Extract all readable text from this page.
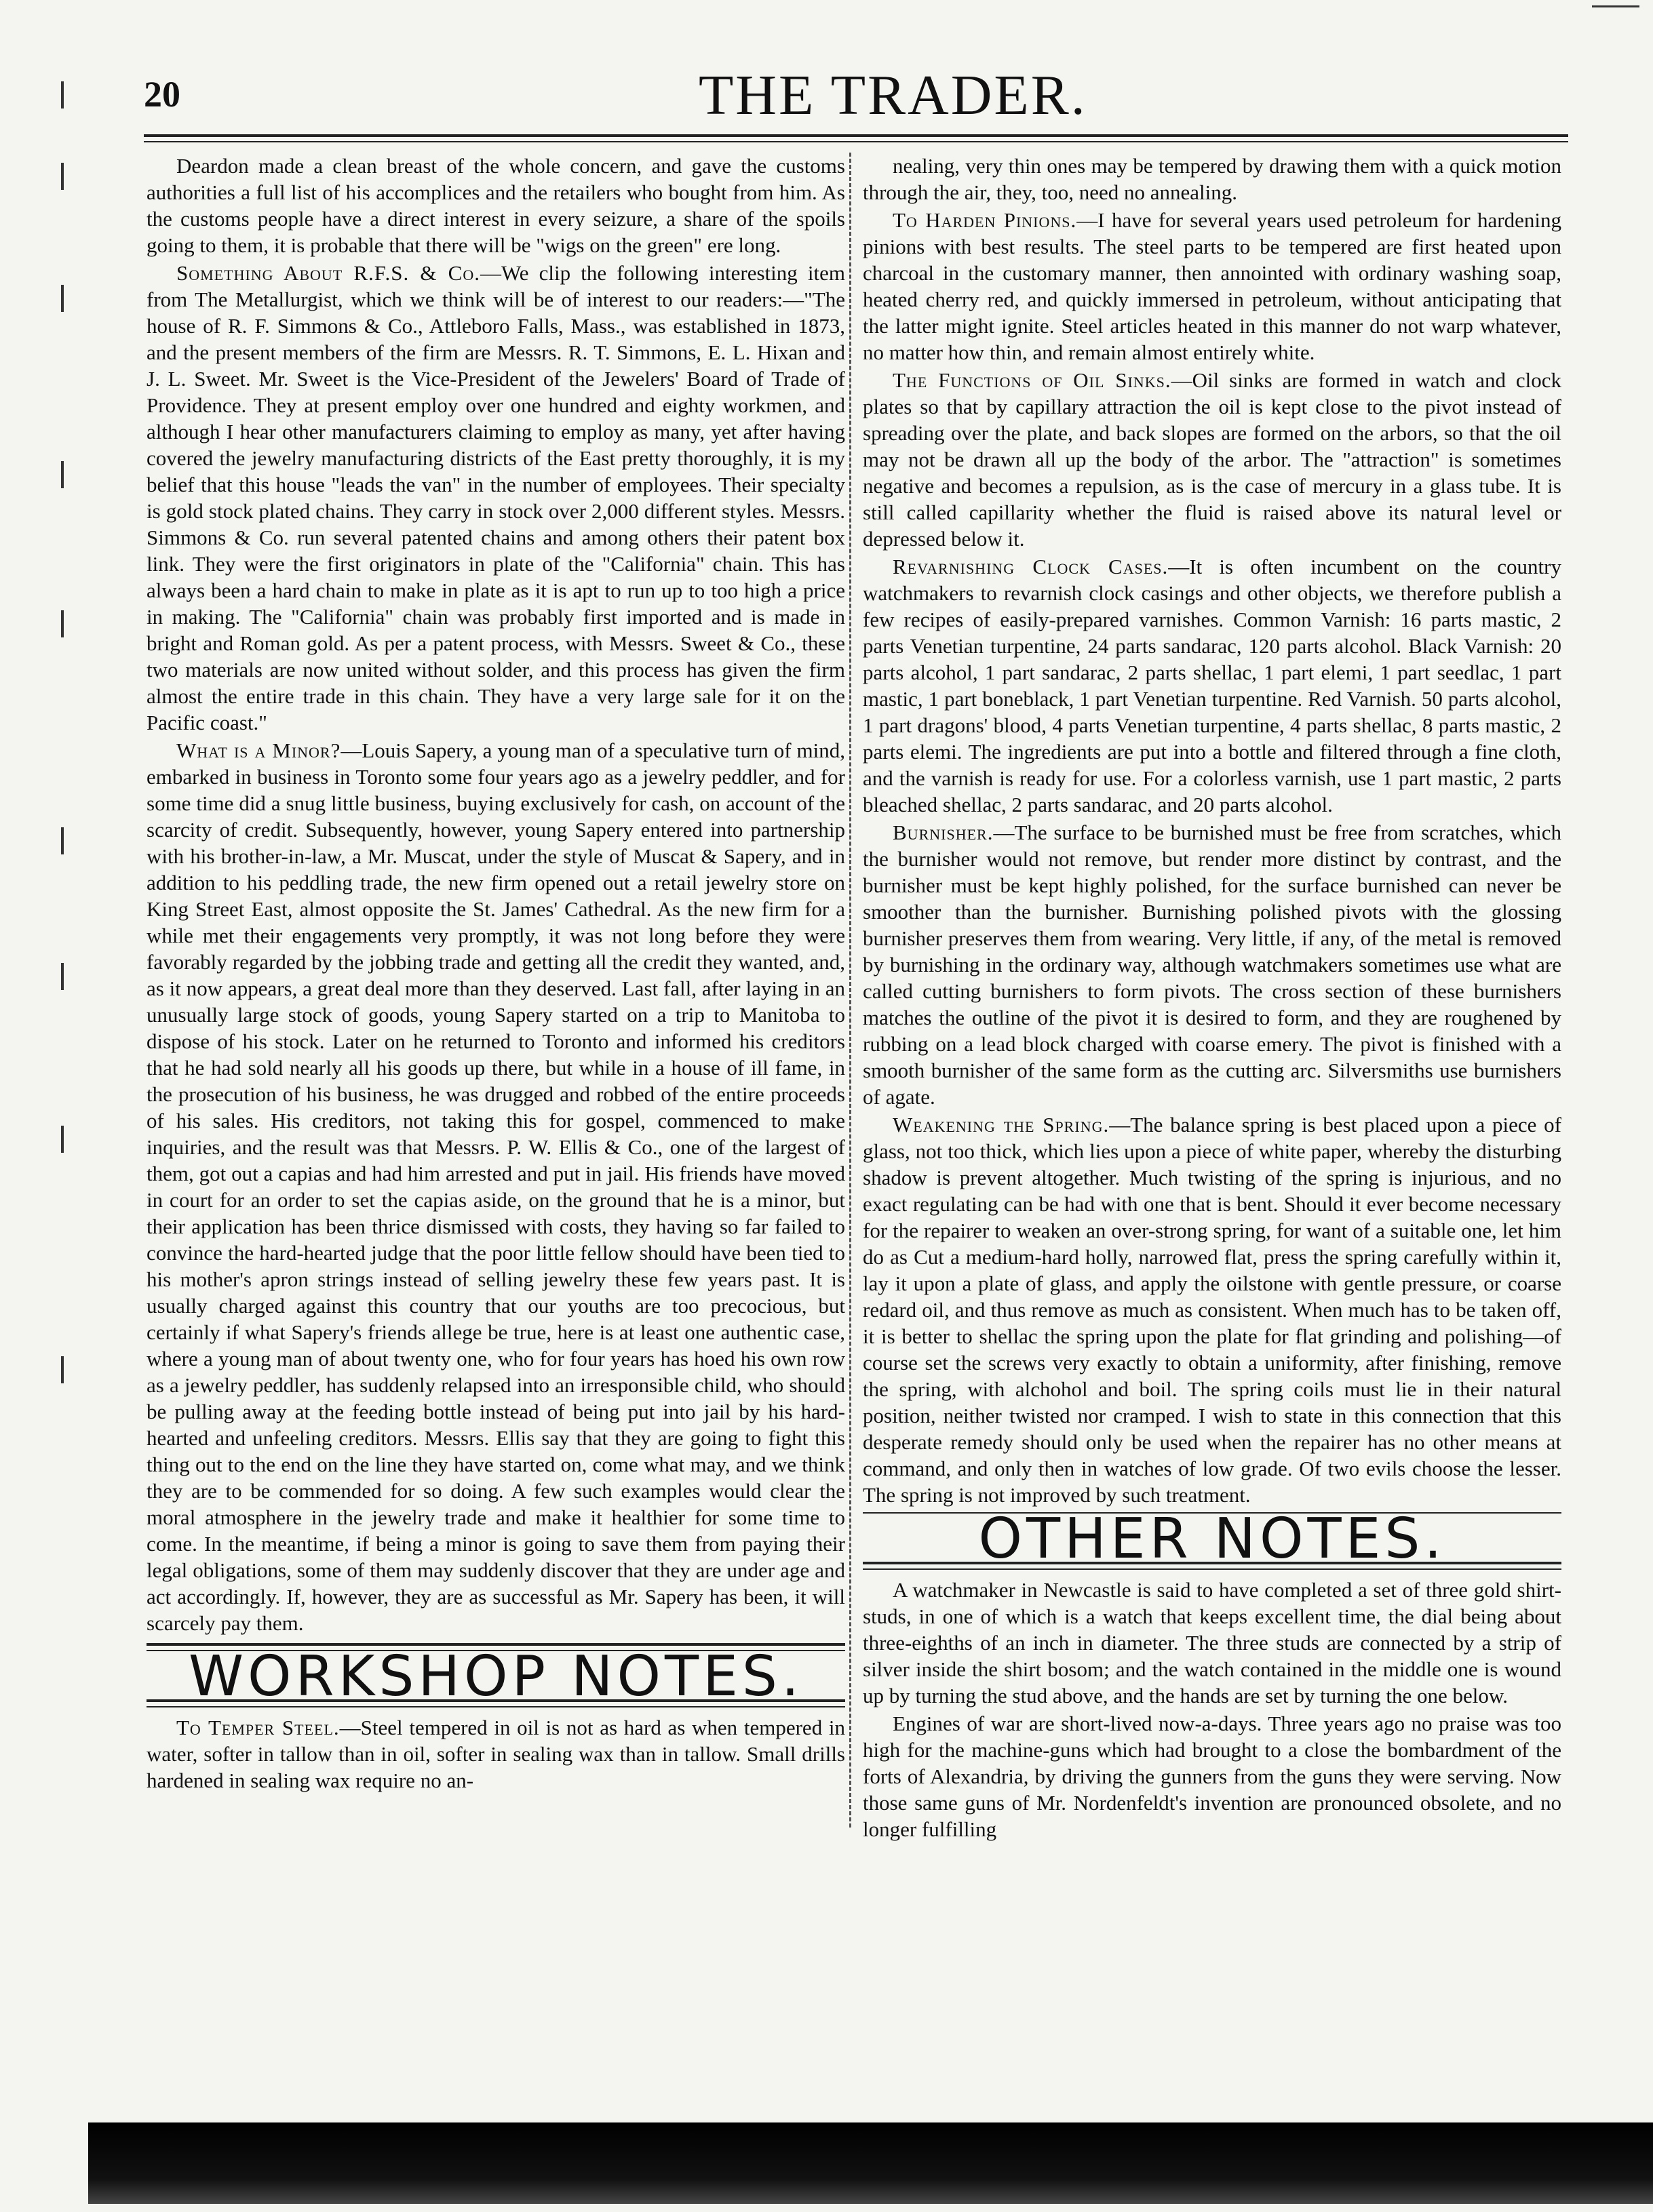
20	THE TRADER.

Deardon made a clean breast of the whole concern, and gave the customs authorities a full list of his accomplices and the retailers who bought from him. As the customs people have a direct interest in every seizure, a share of the spoils going to them, it is probable that there will be "wigs on the green" ere long.

Something About R.F.S. & Co.—We clip the following interesting item from The Metallurgist, which we think will be of interest to our readers:—"The house of R. F. Simmons & Co., Attleboro Falls, Mass., was established in 1873, and the present members of the firm are Messrs. R. T. Simmons, E. L. Hixan and J. L. Sweet. Mr. Sweet is the Vice-President of the Jewelers' Board of Trade of Providence. They at present employ over one hundred and eighty workmen, and although I hear other manufacturers claiming to employ as many, yet after having covered the jewelry manufacturing districts of the East pretty thoroughly, it is my belief that this house "leads the van" in the number of employees. Their specialty is gold stock plated chains. They carry in stock over 2,000 different styles. Messrs. Simmons & Co. run several patented chains and among others their patent box link. They were the first originators in plate of the "California" chain. This has always been a hard chain to make in plate as it is apt to run up to too high a price in making. The "California" chain was probably first imported and is made in bright and Roman gold. As per a patent process, with Messrs. Sweet & Co., these two materials are now united without solder, and this process has given the firm almost the entire trade in this chain. They have a very large sale for it on the Pacific coast."

What is a Minor?—Louis Sapery, a young man of a speculative turn of mind, embarked in business in Toronto some four years ago as a jewelry peddler, and for some time did a snug little business, buying exclusively for cash, on account of the scarcity of credit. Subsequently, however, young Sapery entered into partnership with his brother-in-law, a Mr. Muscat, under the style of Muscat & Sapery, and in addition to his peddling trade, the new firm opened out a retail jewelry store on King Street East, almost opposite the St. James' Cathedral. As the new firm for a while met their engagements very promptly, it was not long before they were favorably regarded by the jobbing trade and getting all the credit they wanted, and, as it now appears, a great deal more than they deserved. Last fall, after laying in an unusually large stock of goods, young Sapery started on a trip to Manitoba to dispose of his stock. Later on he returned to Toronto and informed his creditors that he had sold nearly all his goods up there, but while in a house of ill fame, in the prosecution of his business, he was drugged and robbed of the entire proceeds of his sales. His creditors, not taking this for gospel, commenced to make inquiries, and the result was that Messrs. P. W. Ellis & Co., one of the largest of them, got out a capias and had him arrested and put in jail. His friends have moved in court for an order to set the capias aside, on the ground that he is a minor, but their application has been thrice dismissed with costs, they having so far failed to convince the hard-hearted judge that the poor little fellow should have been tied to his mother's apron strings instead of selling jewelry these few years past. It is usually charged against this country that our youths are too precocious, but certainly if what Sapery's friends allege be true, here is at least one authentic case, where a young man of about twenty one, who for four years has hoed his own row as a jewelry peddler, has suddenly relapsed into an irresponsible child, who should be pulling away at the feeding bottle instead of being put into jail by his hard-hearted and unfeeling creditors. Messrs. Ellis say that they are going to fight this thing out to the end on the line they have started on, come what may, and we think they are to be commended for so doing. A few such examples would clear the moral atmosphere in the jewelry trade and make it healthier for some time to come. In the meantime, if being a minor is going to save them from paying their legal obligations, some of them may suddenly discover that they are under age and act accordingly. If, however, they are as successful as Mr. Sapery has been, it will scarcely pay them.

WORKSHOP NOTES.

To Temper Steel.—Steel tempered in oil is not as hard as when tempered in water, softer in tallow than in oil, softer in sealing wax than in tallow. Small drills hardened in sealing wax require no an-

nealing, very thin ones may be tempered by drawing them with a quick motion through the air, they, too, need no annealing.

To Harden Pinions.—I have for several years used petroleum for hardening pinions with best results. The steel parts to be tempered are first heated upon charcoal in the customary manner, then annointed with ordinary washing soap, heated cherry red, and quickly immersed in petroleum, without anticipating that the latter might ignite. Steel articles heated in this manner do not warp whatever, no matter how thin, and remain almost entirely white.

The Functions of Oil Sinks.—Oil sinks are formed in watch and clock plates so that by capillary attraction the oil is kept close to the pivot instead of spreading over the plate, and back slopes are formed on the arbors, so that the oil may not be drawn all up the body of the arbor. The "attraction" is sometimes negative and becomes a repulsion, as is the case of mercury in a glass tube. It is still called capillarity whether the fluid is raised above its natural level or depressed below it.

Revarnishing Clock Cases.—It is often incumbent on the country watchmakers to revarnish clock casings and other objects, we therefore publish a few recipes of easily-prepared varnishes. Common Varnish: 16 parts mastic, 2 parts Venetian turpentine, 24 parts sandarac, 120 parts alcohol. Black Varnish: 20 parts alcohol, 1 part sandarac, 2 parts shellac, 1 part elemi, 1 part seedlac, 1 part mastic, 1 part boneblack, 1 part Venetian turpentine. Red Varnish. 50 parts alcohol, 1 part dragons' blood, 4 parts Venetian turpentine, 4 parts shellac, 8 parts mastic, 2 parts elemi. The ingredients are put into a bottle and filtered through a fine cloth, and the varnish is ready for use. For a colorless varnish, use 1 part mastic, 2 parts bleached shellac, 2 parts sandarac, and 20 parts alcohol.

Burnisher.—The surface to be burnished must be free from scratches, which the burnisher would not remove, but render more distinct by contrast, and the burnisher must be kept highly polished, for the surface burnished can never be smoother than the burnisher. Burnishing polished pivots with the glossing burnisher preserves them from wearing. Very little, if any, of the metal is removed by burnishing in the ordinary way, although watchmakers sometimes use what are called cutting burnishers to form pivots. The cross section of these burnishers matches the outline of the pivot it is desired to form, and they are roughened by rubbing on a lead block charged with coarse emery. The pivot is finished with a smooth burnisher of the same form as the cutting arc. Silversmiths use burnishers of agate.

Weakening the Spring.—The balance spring is best placed upon a piece of glass, not too thick, which lies upon a piece of white paper, whereby the disturbing shadow is prevent altogether. Much twisting of the spring is injurious, and no exact regulating can be had with one that is bent. Should it ever become necessary for the repairer to weaken an over-strong spring, for want of a suitable one, let him do as Cut a medium-hard holly, narrowed flat, press the spring carefully within it, lay it upon a plate of glass, and apply the oilstone with gentle pressure, or coarse redard oil, and thus remove as much as consistent. When much has to be taken off, it is better to shellac the spring upon the plate for flat grinding and polishing—of course set the screws very exactly to obtain a uniformity, after finishing, remove the spring, with alchohol and boil. The spring coils must lie in their natural position, neither twisted nor cramped. I wish to state in this connection that this desperate remedy should only be used when the repairer has no other means at command, and only then in watches of low grade. Of two evils choose the lesser. The spring is not improved by such treatment.

OTHER NOTES.

A watchmaker in Newcastle is said to have completed a set of three gold shirt-studs, in one of which is a watch that keeps excellent time, the dial being about three-eighths of an inch in diameter. The three studs are connected by a strip of silver inside the shirt bosom; and the watch contained in the middle one is wound up by turning the stud above, and the hands are set by turning the one below.

Engines of war are short-lived now-a-days. Three years ago no praise was too high for the machine-guns which had brought to a close the bombardment of the forts of Alexandria, by driving the gunners from the guns they were serving. Now those same guns of Mr. Nordenfeldt's invention are pronounced obsolete, and no longer fulfilling
